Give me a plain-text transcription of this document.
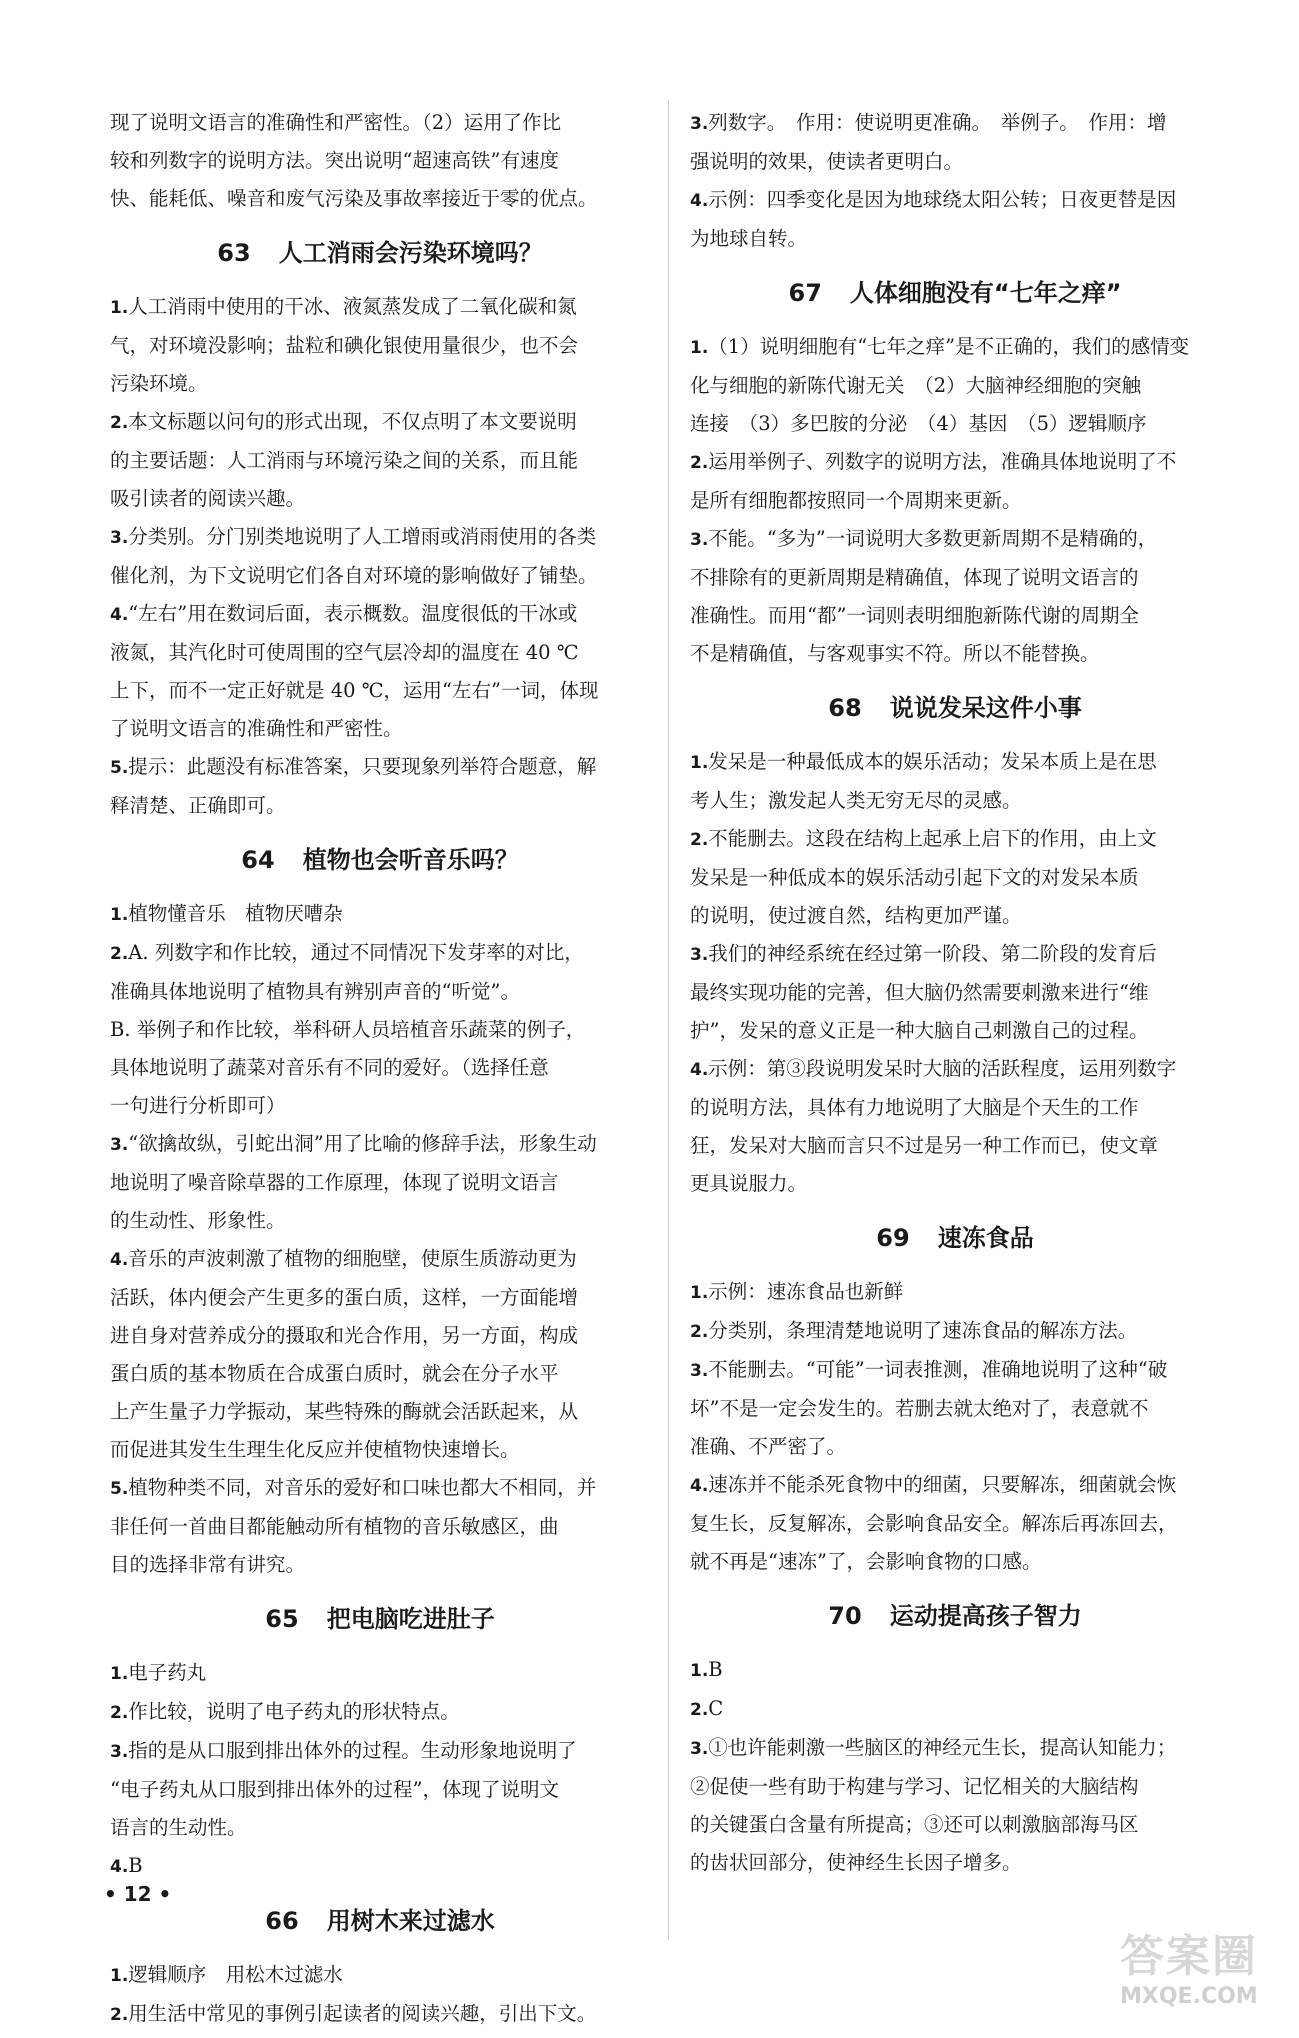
现了说明文语言的准确性和严密性。（2）运用了作比

较和列数字的说明方法。突出说明“超速高铁”有速度

快、能耗低、噪音和废气污染及事故率接近于零的优点。

63 人工消雨会污染环境吗？

1.人工消雨中使用的干冰、液氮蒸发成了二氧化碳和氮

气，对环境没影响；盐粒和碘化银使用量很少，也不会

污染环境。

2.本文标题以问句的形式出现，不仅点明了本文要说明

的主要话题：人工消雨与环境污染之间的关系，而且能

吸引读者的阅读兴趣。

3.分类别。分门别类地说明了人工增雨或消雨使用的各类

催化剂，为下文说明它们各自对环境的影响做好了铺垫。

4.“左右”用在数词后面，表示概数。温度很低的干冰或

液氮，其汽化时可使周围的空气层冷却的温度在 40 ℃

上下，而不一定正好就是 40 ℃，运用“左右”一词，体现

了说明文语言的准确性和严密性。

5.提示：此题没有标准答案，只要现象列举符合题意，解

释清楚、正确即可。

64 植物也会听音乐吗？

1.植物懂音乐　植物厌嘈杂

2.A. 列数字和作比较，通过不同情况下发芽率的对比，

准确具体地说明了植物具有辨别声音的“听觉”。

B. 举例子和作比较，举科研人员培植音乐蔬菜的例子，

具体地说明了蔬菜对音乐有不同的爱好。（选择任意

一句进行分析即可）

3.“欲擒故纵，引蛇出洞”用了比喻的修辞手法，形象生动

地说明了噪音除草器的工作原理，体现了说明文语言

的生动性、形象性。

4.音乐的声波刺激了植物的细胞壁，使原生质游动更为

活跃，体内便会产生更多的蛋白质，这样，一方面能增

进自身对营养成分的摄取和光合作用，另一方面，构成

蛋白质的基本物质在合成蛋白质时，就会在分子水平

上产生量子力学振动，某些特殊的酶就会活跃起来，从

而促进其发生生理生化反应并使植物快速增长。

5.植物种类不同，对音乐的爱好和口味也都大不相同，并

非任何一首曲目都能触动所有植物的音乐敏感区，曲

目的选择非常有讲究。

65 把电脑吃进肚子

1.电子药丸

2.作比较，说明了电子药丸的形状特点。

3.指的是从口服到排出体外的过程。生动形象地说明了

“电子药丸从口服到排出体外的过程”，体现了说明文

语言的生动性。

4.B

66 用树木来过滤水

1.逻辑顺序　用松木过滤水

2.用生活中常见的事例引起读者的阅读兴趣，引出下文。

3.列数字。　作用：使说明更准确。　举例子。　作用：增

强说明的效果，使读者更明白。

4.示例：四季变化是因为地球绕太阳公转；日夜更替是因

为地球自转。

67 人体细胞没有“七年之痒”

1.（1）说明细胞有“七年之痒”是不正确的，我们的感情变

化与细胞的新陈代谢无关　（2）大脑神经细胞的突触

连接　（3）多巴胺的分泌　（4）基因　（5）逻辑顺序

2.运用举例子、列数字的说明方法，准确具体地说明了不

是所有细胞都按照同一个周期来更新。

3.不能。“多为”一词说明大多数更新周期不是精确的，

不排除有的更新周期是精确值，体现了说明文语言的

准确性。而用“都”一词则表明细胞新陈代谢的周期全

不是精确值，与客观事实不符。所以不能替换。

68 说说发呆这件小事

1.发呆是一种最低成本的娱乐活动；发呆本质上是在思

考人生；激发起人类无穷无尽的灵感。

2.不能删去。这段在结构上起承上启下的作用，由上文

发呆是一种低成本的娱乐活动引起下文的对发呆本质

的说明，使过渡自然，结构更加严谨。

3.我们的神经系统在经过第一阶段、第二阶段的发育后

最终实现功能的完善，但大脑仍然需要刺激来进行“维

护”，发呆的意义正是一种大脑自己刺激自己的过程。

4.示例：第③段说明发呆时大脑的活跃程度，运用列数字

的说明方法，具体有力地说明了大脑是个天生的工作

狂，发呆对大脑而言只不过是另一种工作而已，使文章

更具说服力。

69 速冻食品

1.示例：速冻食品也新鲜

2.分类别，条理清楚地说明了速冻食品的解冻方法。

3.不能删去。“可能”一词表推测，准确地说明了这种“破

坏”不是一定会发生的。若删去就太绝对了，表意就不

准确、不严密了。

4.速冻并不能杀死食物中的细菌，只要解冻，细菌就会恢

复生长，反复解冻，会影响食品安全。解冻后再冻回去，

就不再是“速冻”了，会影响食物的口感。

70 运动提高孩子智力

1.B

2.C

3.①也许能刺激一些脑区的神经元生长，提高认知能力；

②促使一些有助于构建与学习、记忆相关的大脑结构

的关键蛋白含量有所提高；③还可以刺激脑部海马区

的齿状回部分，使神经生长因子增多。

• 12 •
答案圈
MXQE.COM
